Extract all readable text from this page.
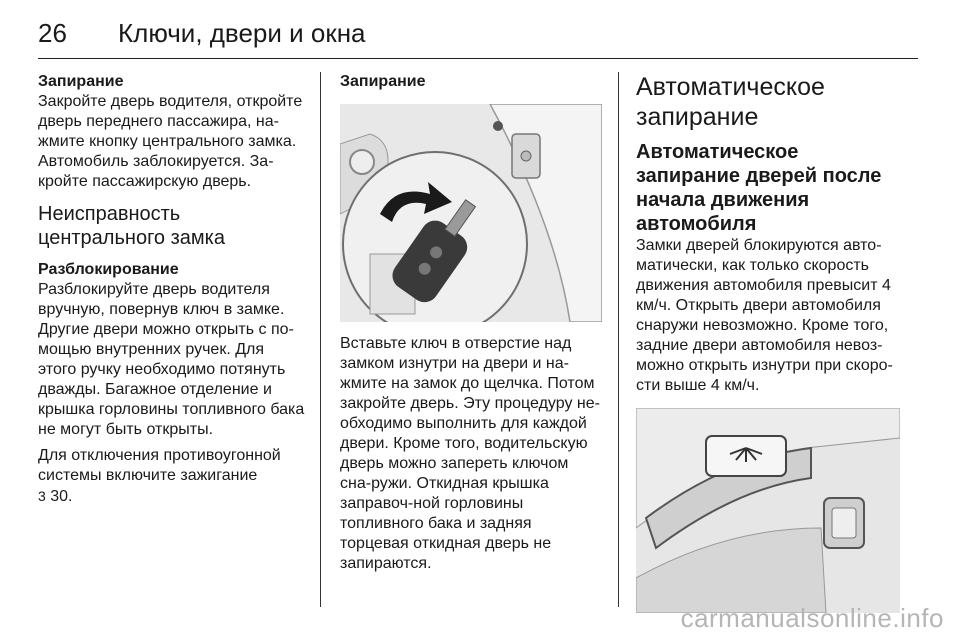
26 Ключи, двери и окна
Запирание

Закройте дверь водителя, откройте дверь переднего пассажира, на-жмите кнопку центрального замка. Автомобиль заблокируется. За-кройте пассажирскую дверь.

Неисправность центрального замка
Разблокирование

Разблокируйте дверь водителя вручную, повернув ключ в замке. Другие двери можно открыть с по-мощью внутренних ручек. Для этого ручку необходимо потянуть дважды. Багажное отделение и крышка горловины топливного бака не могут быть открыты.

Для отключения противоугонной системы включите зажигание
3 30.

Запирание

Вставьте ключ в отверстие над замком изнутри на двери и на-жмите на замок до щелчка. Потом закройте дверь. Эту процедуру не-обходимо выполнить для каждой двери. Кроме того, водительскую дверь можно запереть ключом сна-ружи. Откидная крышка заправоч-ной горловины топливного бака и задняя торцевая откидная дверь не запираются.

Автоматическое запирание
Автоматическое запирание дверей после начала движения автомобиля

Замки дверей блокируются авто-матически, как только скорость движения автомобиля превысит 4 км/ч. Открыть двери автомобиля снаружи невозможно. Кроме того, задние двери автомобиля невоз-можно открыть изнутри при скоро-сти выше 4 км/ч.

carmanualsonline.info
